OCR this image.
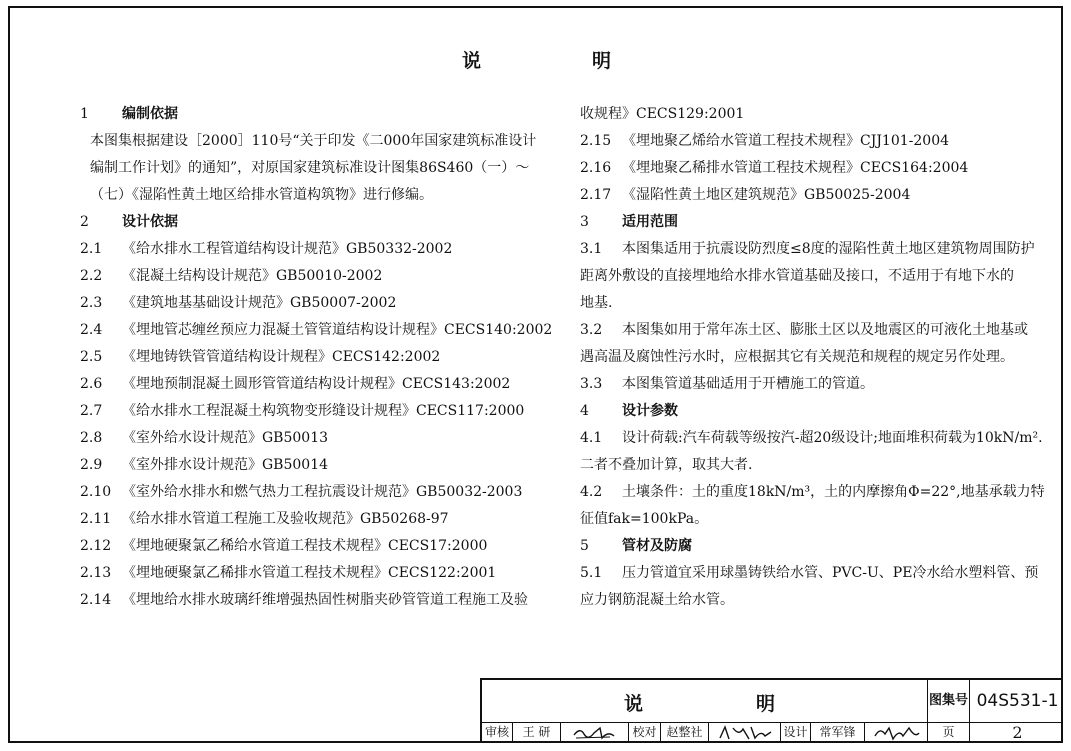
说	明
1 编制依据
本图集根据建设［2000］110号“关于印发《二000年国家建筑标准设计
编制工作计划》的通知”，对原国家建筑标准设计图集86S460（一）～
（七）《湿陷性黄土地区给排水管道构筑物》进行修编。
2 设计依据
2.1 《给水排水工程管道结构设计规范》GB50332-2002
2.2 《混凝土结构设计规范》GB50010-2002
2.3 《建筑地基基础设计规范》GB50007-2002
2.4 《埋地管芯缠丝预应力混凝土管管道结构设计规程》CECS140:2002
2.5 《埋地铸铁管管道结构设计规程》CECS142:2002
2.6 《埋地预制混凝土圆形管管道结构设计规程》CECS143:2002
2.7 《给水排水工程混凝土构筑物变形缝设计规程》CECS117:2000
2.8 《室外给水设计规范》GB50013
2.9 《室外排水设计规范》GB50014
2.10 《室外给水排水和燃气热力工程抗震设计规范》GB50032-2003
2.11 《给水排水管道工程施工及验收规范》GB50268-97
2.12 《埋地硬聚氯乙稀给水管道工程技术规程》CECS17:2000
2.13 《埋地硬聚氯乙稀排水管道工程技术规程》CECS122:2001
2.14 《埋地给水排水玻璃纤维增强热固性树脂夹砂管管道工程施工及验
收规程》CECS129:2001
2.15 《埋地聚乙烯给水管道工程技术规程》CJJ101-2004
2.16 《埋地聚乙稀排水管道工程技术规程》CECS164:2004
2.17 《湿陷性黄土地区建筑规范》GB50025-2004
3 适用范围
3.1 本图集适用于抗震设防烈度≤8度的湿陷性黄土地区建筑物周围防护
距离外敷设的直接埋地给水排水管道基础及接口，不适用于有地下水的
地基.
3.2 本图集如用于常年冻土区、膨胀土区以及地震区的可液化土地基或
遇高温及腐蚀性污水时，应根据其它有关规范和规程的规定另作处理。
3.3 本图集管道基础适用于开槽施工的管道。
4 设计参数
4.1 设计荷载:汽车荷载等级按汽-超20级设计;地面堆积荷载为10kN/m².
二者不叠加计算，取其大者.
4.2 土壤条件：土的重度18kN/m³，土的内摩擦角Φ=22°,地基承载力特
征值fak=100kPa。
5 管材及防腐
5.1 压力管道宜采用球墨铸铁给水管、PVC-U、PE冷水给水塑料管、预
应力钢筋混凝土给水管。
说	明	图集号 04S531-1
审核	王 研	校对 赵整社	设计 常军锋	页	2
